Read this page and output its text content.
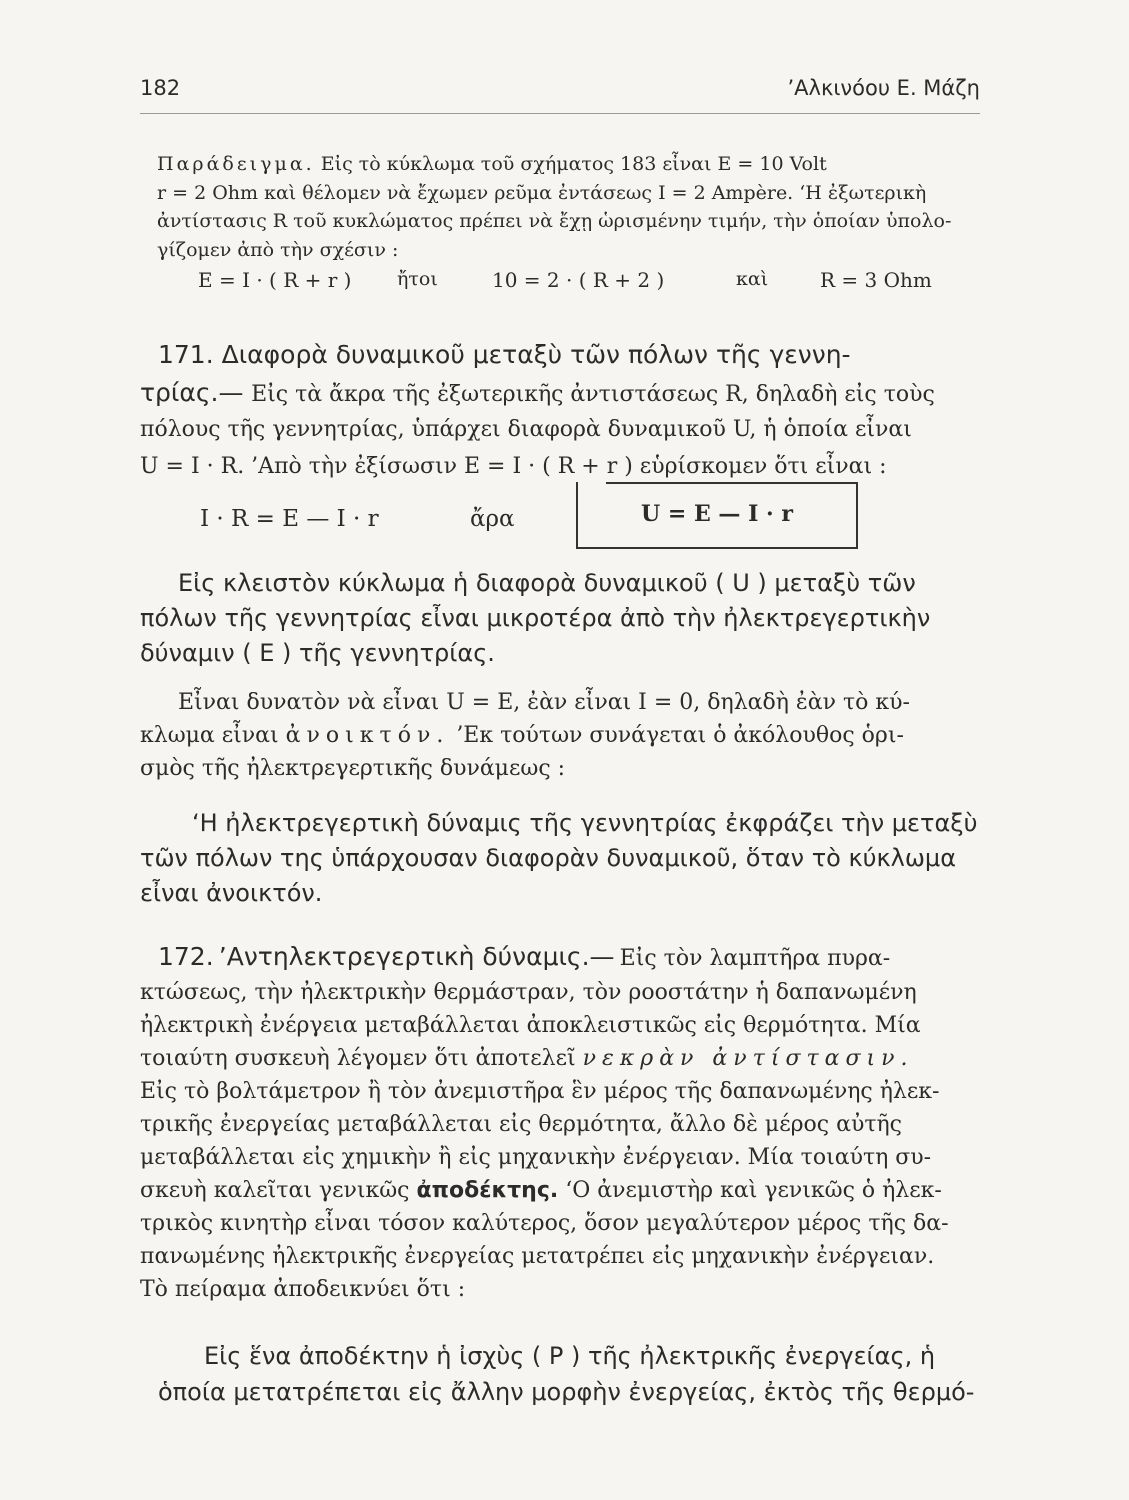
182	’Αλκινόου Ε. Μάζη
Παράδειγμα. Εἰς τὸ κύκλωμα τοῦ σχήματος 183 εἶναι E = 10 Volt
r = 2 Ohm καὶ θέλομεν νὰ ἔχωμεν ρεῦμα ἐντάσεως I = 2 Ampère. ‘Η ἐξωτερικὴ
ἀντίστασις R τοῦ κυκλώματος πρέπει νὰ ἔχῃ ὡρισμένην τιμήν, τὴν ὁποίαν ὑπολο-
γίζομεν ἀπὸ τὴν σχέσιν :
E = I · ( R + r ) ἤτοι	10 = 2 · ( R + 2 )	καὶ	R = 3 Ohm
171. Διαφορὰ δυναμικοῦ μεταξὺ τῶν πόλων τῆς γεννη-
τρίας.— Εἰς τὰ ἄκρα τῆς ἐξωτερικῆς ἀντιστάσεως R, δηλαδὴ εἰς τοὺς
πόλους τῆς γεννητρίας, ὑπάρχει διαφορὰ δυναμικοῦ U, ἡ ὁποία εἶναι
U = I · R. ’Απὸ τὴν ἐξίσωσιν E = I · ( R + r ) εὑρίσκομεν ὅτι εἶναι :
I · R = E — I · r	ἄρα	U = E — I · r
Εἰς κλειστὸν κύκλωμα ἡ διαφορὰ δυναμικοῦ ( U ) μεταξὺ τῶν
πόλων τῆς γεννητρίας εἶναι μικροτέρα ἀπὸ τὴν ἠλεκτρεγερτικὴν
δύναμιν ( E ) τῆς γεννητρίας.
Εἶναι δυνατὸν νὰ εἶναι U = E, ἐὰν εἶναι I = 0, δηλαδὴ ἐὰν τὸ κύ-
κλωμα εἶναι ἀνοικτόν. ’Εκ τούτων συνάγεται ὁ ἀκόλουθος ὁρι-
σμὸς τῆς ἠλεκτρεγερτικῆς δυνάμεως :
‘Η ἠλεκτρεγερτικὴ δύναμις τῆς γεννητρίας ἐκφράζει τὴν μεταξὺ
τῶν πόλων της ὑπάρχουσαν διαφορὰν δυναμικοῦ, ὅταν τὸ κύκλωμα
εἶναι ἀνοικτόν.
172. ’Αντηλεκτρεγερτικὴ δύναμις.— Εἰς τὸν λαμπτῆρα πυρα-
κτώσεως, τὴν ἠλεκτρικὴν θερμάστραν, τὸν ροοστάτην ἡ δαπανωμένη
ἠλεκτρικὴ ἐνέργεια μεταβάλλεται ἀποκλειστικῶς εἰς θερμότητα. Μία
τοιαύτη συσκευὴ λέγομεν ὅτι ἀποτελεῖ νεκρὰν ἀντίστασιν.
Εἰς τὸ βολτάμετρον ἢ τὸν ἀνεμιστῆρα ἓν μέρος τῆς δαπανωμένης ἠλεκ-
τρικῆς ἐνεργείας μεταβάλλεται εἰς θερμότητα, ἄλλο δὲ μέρος αὐτῆς
μεταβάλλεται εἰς χημικὴν ἢ εἰς μηχανικὴν ἐνέργειαν. Μία τοιαύτη συ-
σκευὴ καλεῖται γενικῶς ἀποδέκτης. ‘Ο ἀνεμιστὴρ καὶ γενικῶς ὁ ἠλεκ-
τρικὸς κινητὴρ εἶναι τόσον καλύτερος, ὅσον μεγαλύτερον μέρος τῆς δα-
πανωμένης ἠλεκτρικῆς ἐνεργείας μετατρέπει εἰς μηχανικὴν ἐνέργειαν.
Τὸ πείραμα ἀποδεικνύει ὅτι :
Εἰς ἕνα ἀποδέκτην ἡ ἰσχὺς ( P ) τῆς ἠλεκτρικῆς ἐνεργείας, ἡ
ὁποία μετατρέπεται εἰς ἄλλην μορφὴν ἐνεργείας, ἐκτὸς τῆς θερμό-
